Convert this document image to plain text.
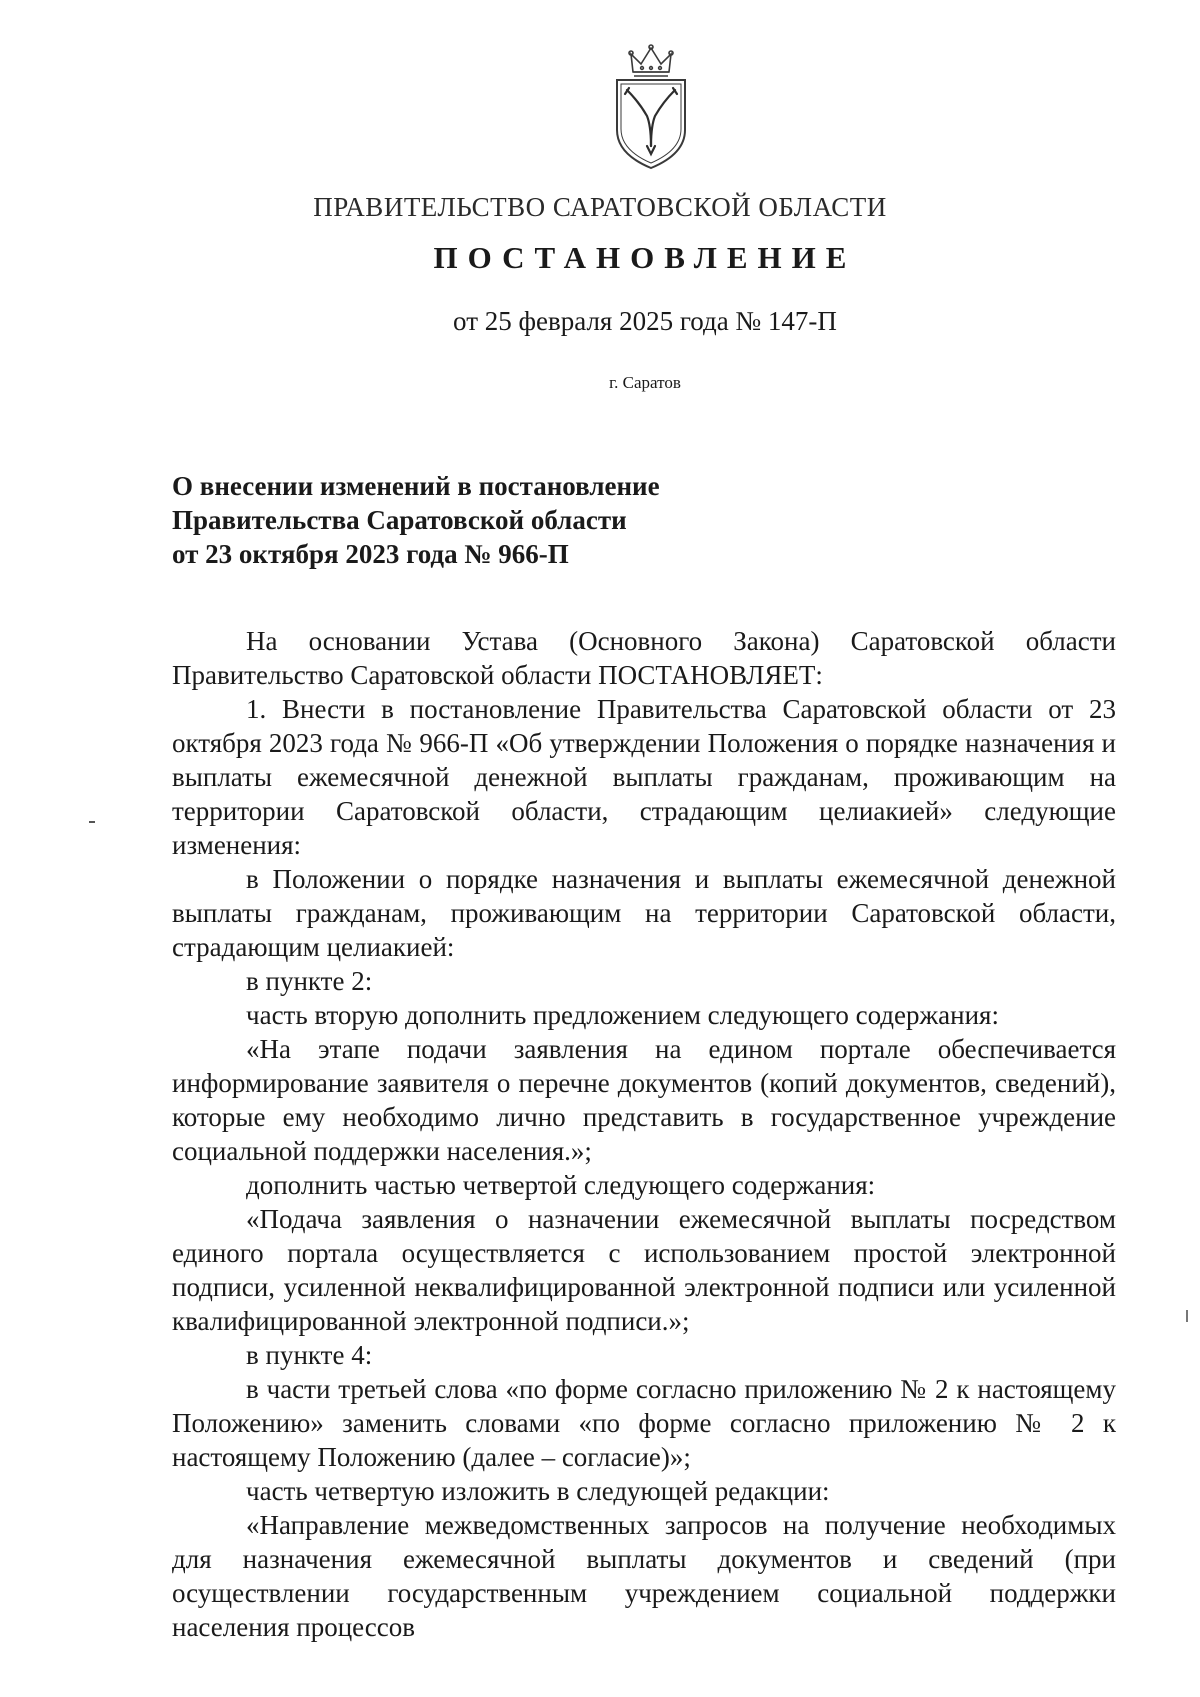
ПРАВИТЕЛЬСТВО САРАТОВСКОЙ ОБЛАСТИ
ПОСТАНОВЛЕНИЕ
от 25 февраля 2025 года № 147-П
г. Саратов
О внесении изменений в постановление
Правительства Саратовской области
от 23 октября 2023 года № 966-П

На основании Устава (Основного Закона) Саратовской области Правительство Саратовской области ПОСТАНОВЛЯЕТ:

1. Внести в постановление Правительства Саратовской области от 23 октября 2023 года № 966-П «Об утверждении Положения о порядке назначения и выплаты ежемесячной денежной выплаты гражданам, проживающим на территории Саратовской области, страдающим целиакией» следующие изменения:

в Положении о порядке назначения и выплаты ежемесячной денежной выплаты гражданам, проживающим на территории Саратовской области, страдающим целиакией:

в пункте 2:

часть вторую дополнить предложением следующего содержания:

«На этапе подачи заявления на едином портале обеспечивается информирование заявителя о перечне документов (копий документов, сведений), которые ему необходимо лично представить в государственное учреждение социальной поддержки населения.»;

дополнить частью четвертой следующего содержания:

«Подача заявления о назначении ежемесячной выплаты посредством единого портала осуществляется с использованием простой электронной подписи, усиленной неквалифицированной электронной подписи или усиленной квалифицированной электронной подписи.»;

в пункте 4:

в части третьей слова «по форме согласно приложению № 2 к настоящему Положению» заменить словами «по форме согласно приложению № 2 к настоящему Положению (далее – согласие)»;

часть четвертую изложить в следующей редакции:

«Направление межведомственных запросов на получение необходимых для назначения ежемесячной выплаты документов и сведений (при осуществлении государственным учреждением социальной поддержки населения процессов
